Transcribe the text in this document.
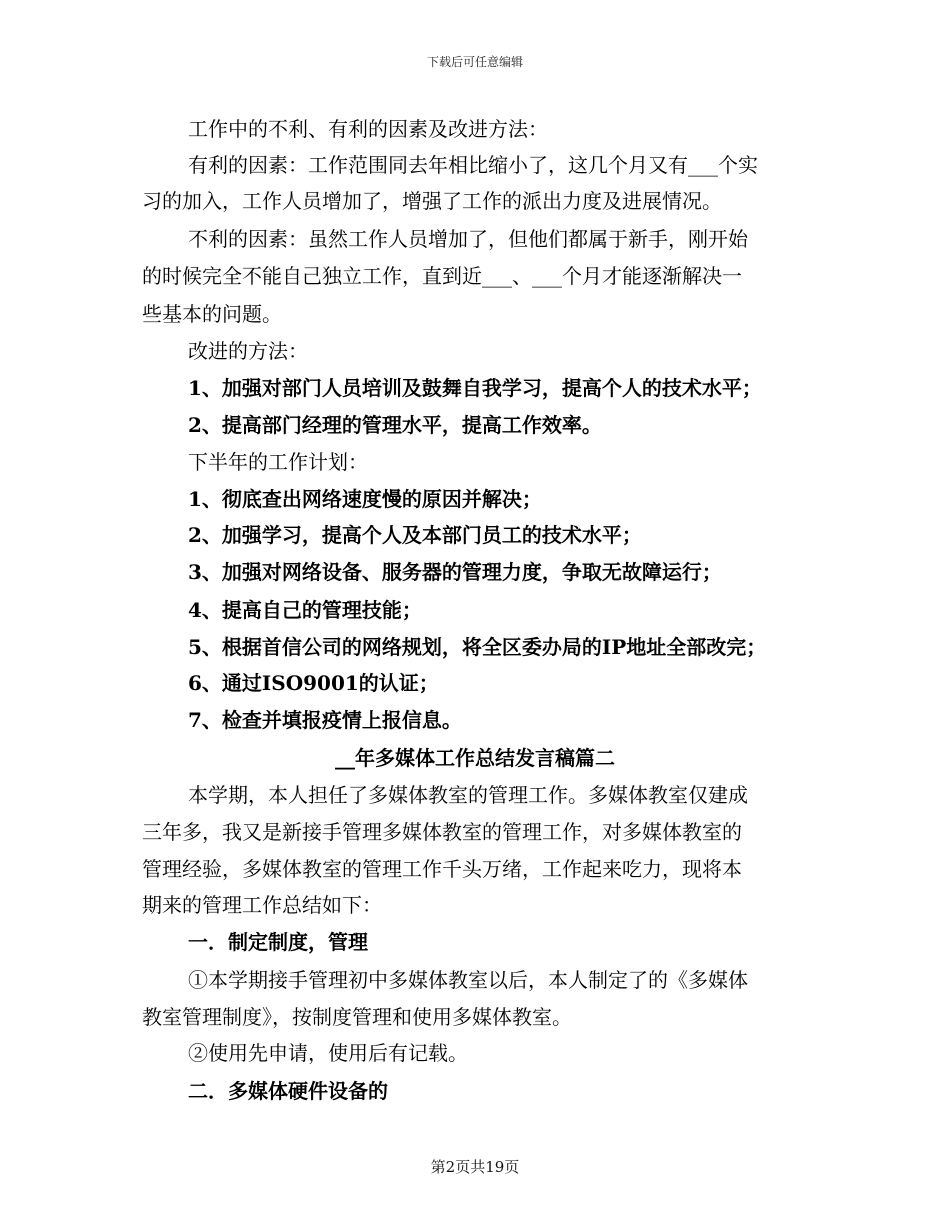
下载后可任意编辑
工作中的不利、有利的因素及改进方法：
有利的因素：工作范围同去年相比缩小了，这几个月又有___个实
习的加入，工作人员增加了，增强了工作的派出力度及进展情况。
不利的因素：虽然工作人员增加了，但他们都属于新手，刚开始
的时候完全不能自己独立工作，直到近___、___个月才能逐渐解决一
些基本的问题。
改进的方法：
1、加强对部门人员培训及鼓舞自我学习，提高个人的技术水平；
2、提高部门经理的管理水平，提高工作效率。
下半年的工作计划：
1、彻底查出网络速度慢的原因并解决；
2、加强学习，提高个人及本部门员工的技术水平；
3、加强对网络设备、服务器的管理力度，争取无故障运行；
4、提高自己的管理技能；
5、根据首信公司的网络规划，将全区委办局的IP地址全部改完；
6、通过ISO9001的认证；
7、检查并填报疫情上报信息。
__年多媒体工作总结发言稿篇二
本学期，本人担任了多媒体教室的管理工作。多媒体教室仅建成
三年多，我又是新接手管理多媒体教室的管理工作，对多媒体教室的
管理经验，多媒体教室的管理工作千头万绪，工作起来吃力，现将本
期来的管理工作总结如下：
一．制定制度，管理
①本学期接手管理初中多媒体教室以后，本人制定了的《多媒体
教室管理制度》，按制度管理和使用多媒体教室。
②使用先申请，使用后有记载。
二．多媒体硬件设备的
第2页共19页
